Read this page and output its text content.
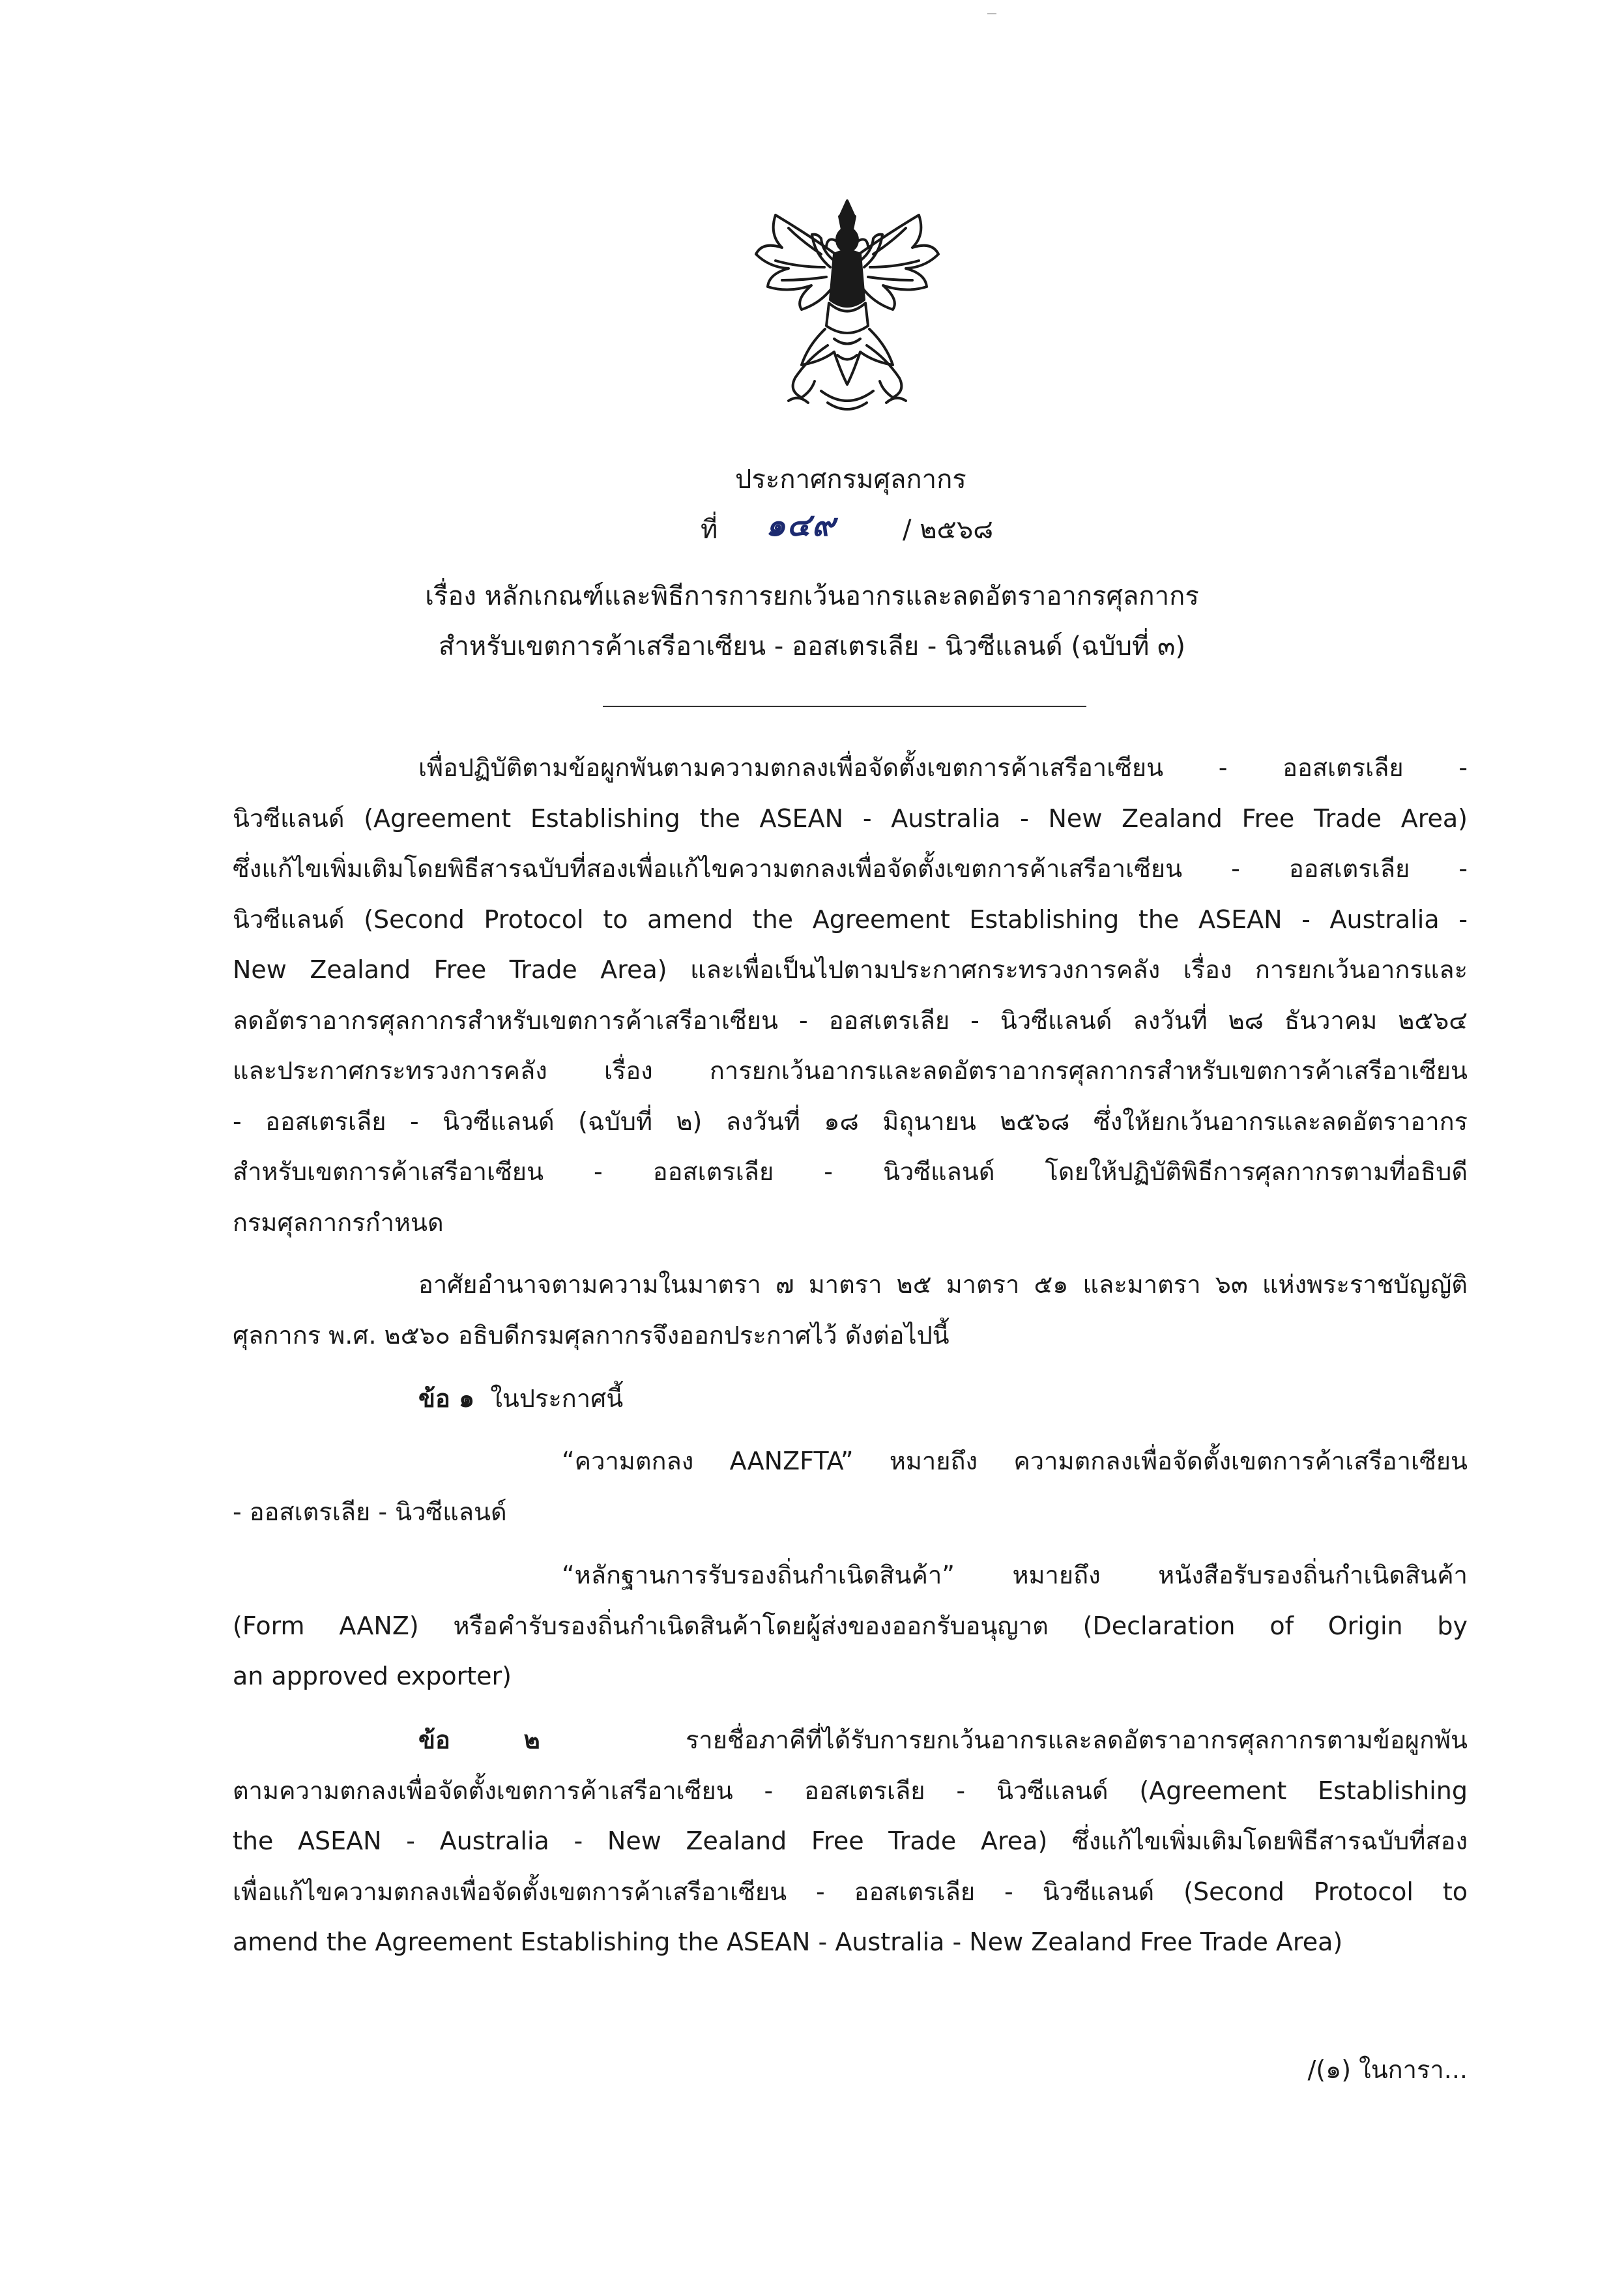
ประกาศกรมศุลกากร
ที่ ๑๔๙	/ ๒๕๖๘
เรื่อง หลักเกณฑ์และพิธีการการยกเว้นอากรและลดอัตราอากรศุลกากร
สำหรับเขตการค้าเสรีอาเซียน - ออสเตรเลีย - นิวซีแลนด์ (ฉบับที่ ๓)
เพื่อปฏิบัติตามข้อผูกพันตามความตกลงเพื่อจัดตั้งเขตการค้าเสรีอาเซียน - ออสเตรเลีย -
นิวซีแลนด์ (Agreement Establishing the ASEAN - Australia - New Zealand Free Trade Area)
ซึ่งแก้ไขเพิ่มเติมโดยพิธีสารฉบับที่สองเพื่อแก้ไขความตกลงเพื่อจัดตั้งเขตการค้าเสรีอาเซียน - ออสเตรเลีย -
นิวซีแลนด์ (Second Protocol to amend the Agreement Establishing the ASEAN - Australia -
New Zealand Free Trade Area) และเพื่อเป็นไปตามประกาศกระทรวงการคลัง เรื่อง การยกเว้นอากรและ
ลดอัตราอากรศุลกากรสำหรับเขตการค้าเสรีอาเซียน - ออสเตรเลีย - นิวซีแลนด์ ลงวันที่ ๒๘ ธันวาคม ๒๕๖๔
และประกาศกระทรวงการคลัง เรื่อง การยกเว้นอากรและลดอัตราอากรศุลกากรสำหรับเขตการค้าเสรีอาเซียน
- ออสเตรเลีย - นิวซีแลนด์ (ฉบับที่ ๒) ลงวันที่ ๑๘ มิถุนายน ๒๕๖๘ ซึ่งให้ยกเว้นอากรและลดอัตราอากร
สำหรับเขตการค้าเสรีอาเซียน - ออสเตรเลีย - นิวซีแลนด์ โดยให้ปฏิบัติพิธีการศุลกากรตามที่อธิบดี
กรมศุลกากรกำหนด
อาศัยอำนาจตามความในมาตรา ๗ มาตรา ๒๕ มาตรา ๕๑ และมาตรา ๖๓ แห่งพระราชบัญญัติ
ศุลกากร พ.ศ. ๒๕๖๐ อธิบดีกรมศุลกากรจึงออกประกาศไว้ ดังต่อไปนี้
ข้อ ๑ ในประกาศนี้
“ความตกลง AANZFTA” หมายถึง ความตกลงเพื่อจัดตั้งเขตการค้าเสรีอาเซียน
- ออสเตรเลีย - นิวซีแลนด์
“หลักฐานการรับรองถิ่นกำเนิดสินค้า” หมายถึง หนังสือรับรองถิ่นกำเนิดสินค้า
(Form AANZ) หรือคำรับรองถิ่นกำเนิดสินค้าโดยผู้ส่งของออกรับอนุญาต (Declaration of Origin by
an approved exporter)
ข้อ ๒	รายชื่อภาคีที่ได้รับการยกเว้นอากรและลดอัตราอากรศุลกากรตามข้อผูกพัน
ตามความตกลงเพื่อจัดตั้งเขตการค้าเสรีอาเซียน - ออสเตรเลีย - นิวซีแลนด์ (Agreement Establishing
the ASEAN - Australia - New Zealand Free Trade Area) ซึ่งแก้ไขเพิ่มเติมโดยพิธีสารฉบับที่สอง
เพื่อแก้ไขความตกลงเพื่อจัดตั้งเขตการค้าเสรีอาเซียน - ออสเตรเลีย - นิวซีแลนด์ (Second Protocol to
amend the Agreement Establishing the ASEAN - Australia - New Zealand Free Trade Area)
/(๑) ในการา...
